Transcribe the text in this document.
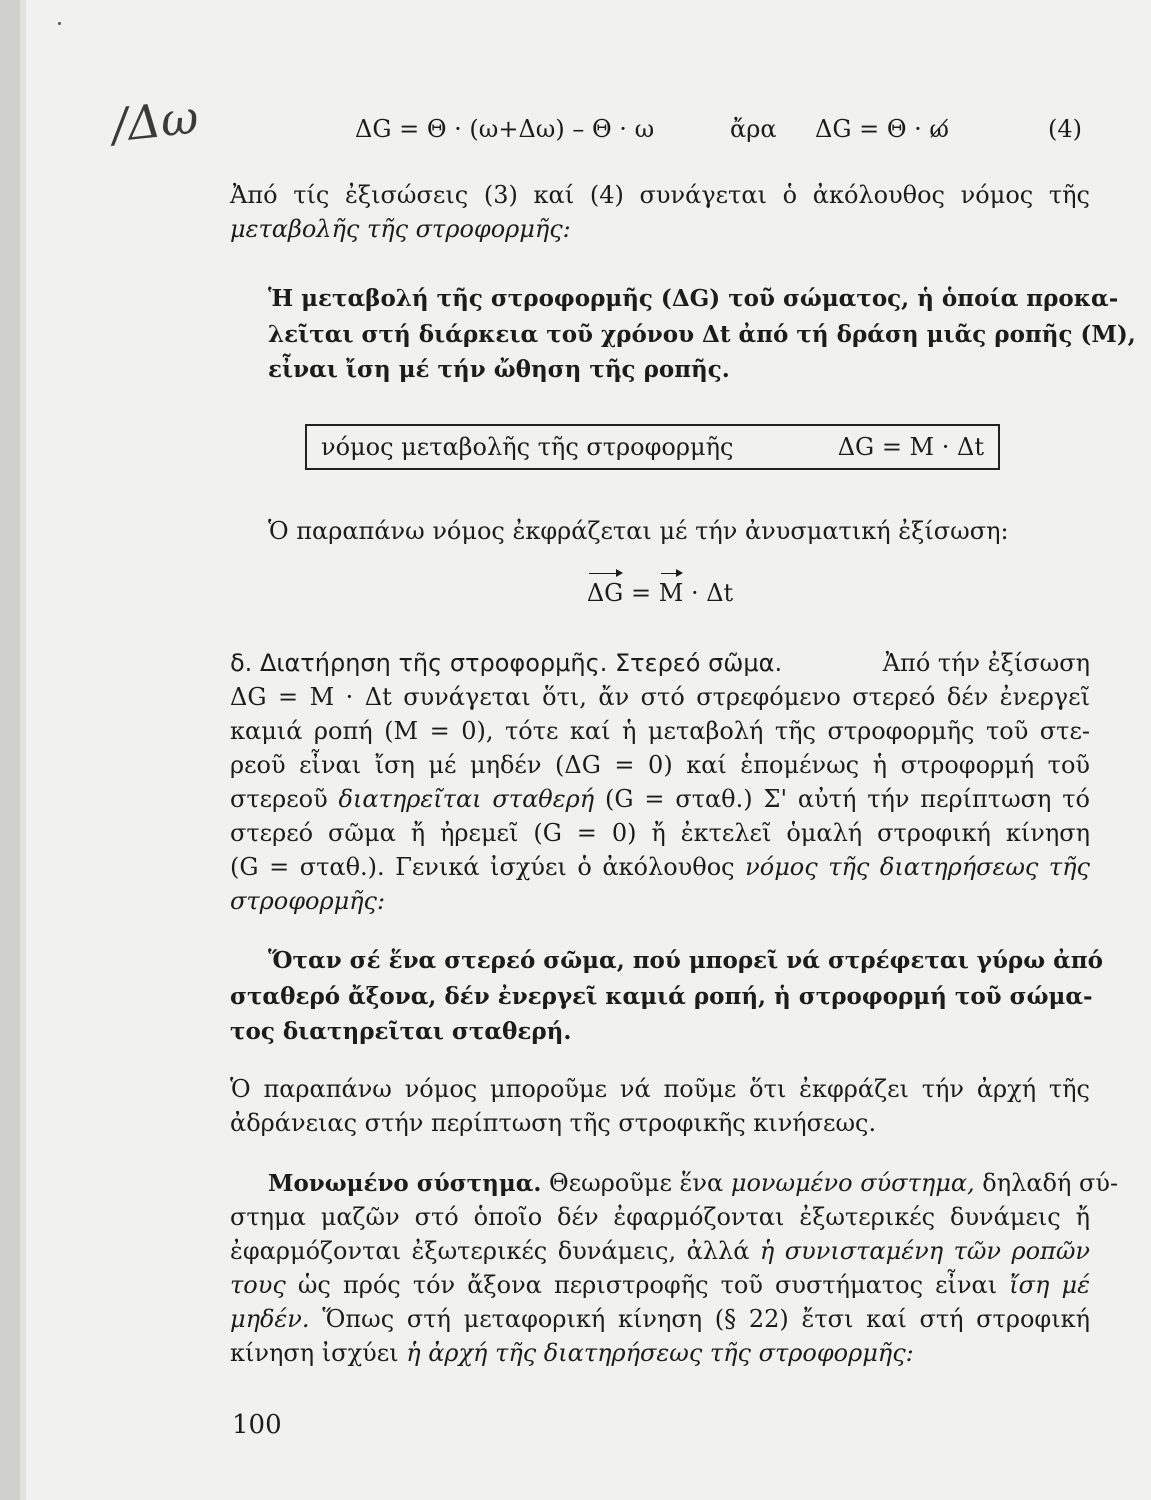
/Δω	ΔG = Θ · (ω+Δω) – Θ · ω	ἄρα ΔG = Θ · ω̸	(4)
Ἀπό τίς ἐξισώσεις (3) καί (4) συνάγεται ὁ ἀκόλουθος νόμος τῆς
μεταβολῆς τῆς στροφορμῆς:
Ἡ μεταβολή τῆς στροφορμῆς (ΔG) τοῦ σώματος, ἡ ὁποία προκα-
λεῖται στή διάρκεια τοῦ χρόνου Δt ἀπό τή δράση μιᾶς ροπῆς (Μ),
εἶναι ἴση μέ τήν ὤθηση τῆς ροπῆς.
νόμος μεταβολῆς τῆς στροφορμῆς	ΔG = Μ · Δt
Ὁ παραπάνω νόμος ἐκφράζεται μέ τήν ἀνυσματική ἐξίσωση:
ΔG = Μ · Δt
δ. Διατήρηση τῆς στροφορμῆς. Στερεό σῶμα.	Ἀπό τήν ἐξίσωση
ΔG = Μ · Δt συνάγεται ὅτι, ἄν στό στρεφόμενο στερεό δέν ἐνεργεῖ
καμιά ροπή (Μ = 0), τότε καί ἡ μεταβολή τῆς στροφορμῆς τοῦ στε-
ρεοῦ εἶναι ἴση μέ μηδέν (ΔG = 0) καί ἑπομένως ἡ στροφορμή τοῦ
στερεοῦ διατηρεῖται σταθερή (G = σταθ.) Σ' αὐτή τήν περίπτωση τό
στερεό σῶμα ἤ ἠρεμεῖ (G = 0) ἤ ἐκτελεῖ ὁμαλή στροφική κίνηση
(G = σταθ.). Γενικά ἰσχύει ὁ ἀκόλουθος νόμος τῆς διατηρήσεως τῆς
στροφορμῆς:
Ὅταν σέ ἕνα στερεό σῶμα, πού μπορεῖ νά στρέφεται γύρω ἀπό
σταθερό ἄξονα, δέν ἐνεργεῖ καμιά ροπή, ἡ στροφορμή τοῦ σώμα-
τος διατηρεῖται σταθερή.
Ὁ παραπάνω νόμος μποροῦμε νά ποῦμε ὅτι ἐκφράζει τήν ἀρχή τῆς
ἀδράνειας στήν περίπτωση τῆς στροφικῆς κινήσεως.
Μονωμένο σύστημα. Θεωροῦμε ἕνα μονωμένο σύστημα, δηλαδή σύ-
στημα μαζῶν στό ὁποῖο δέν ἐφαρμόζονται ἐξωτερικές δυνάμεις ἤ
ἐφαρμόζονται ἐξωτερικές δυνάμεις, ἀλλά ἡ συνισταμένη τῶν ροπῶν
τους ὡς πρός τόν ἄξονα περιστροφῆς τοῦ συστήματος εἶναι ἴση μέ
μηδέν. Ὅπως στή μεταφορική κίνηση (§ 22) ἔτσι καί στή στροφική
κίνηση ἰσχύει ἡ ἀρχή τῆς διατηρήσεως τῆς στροφορμῆς:
100
